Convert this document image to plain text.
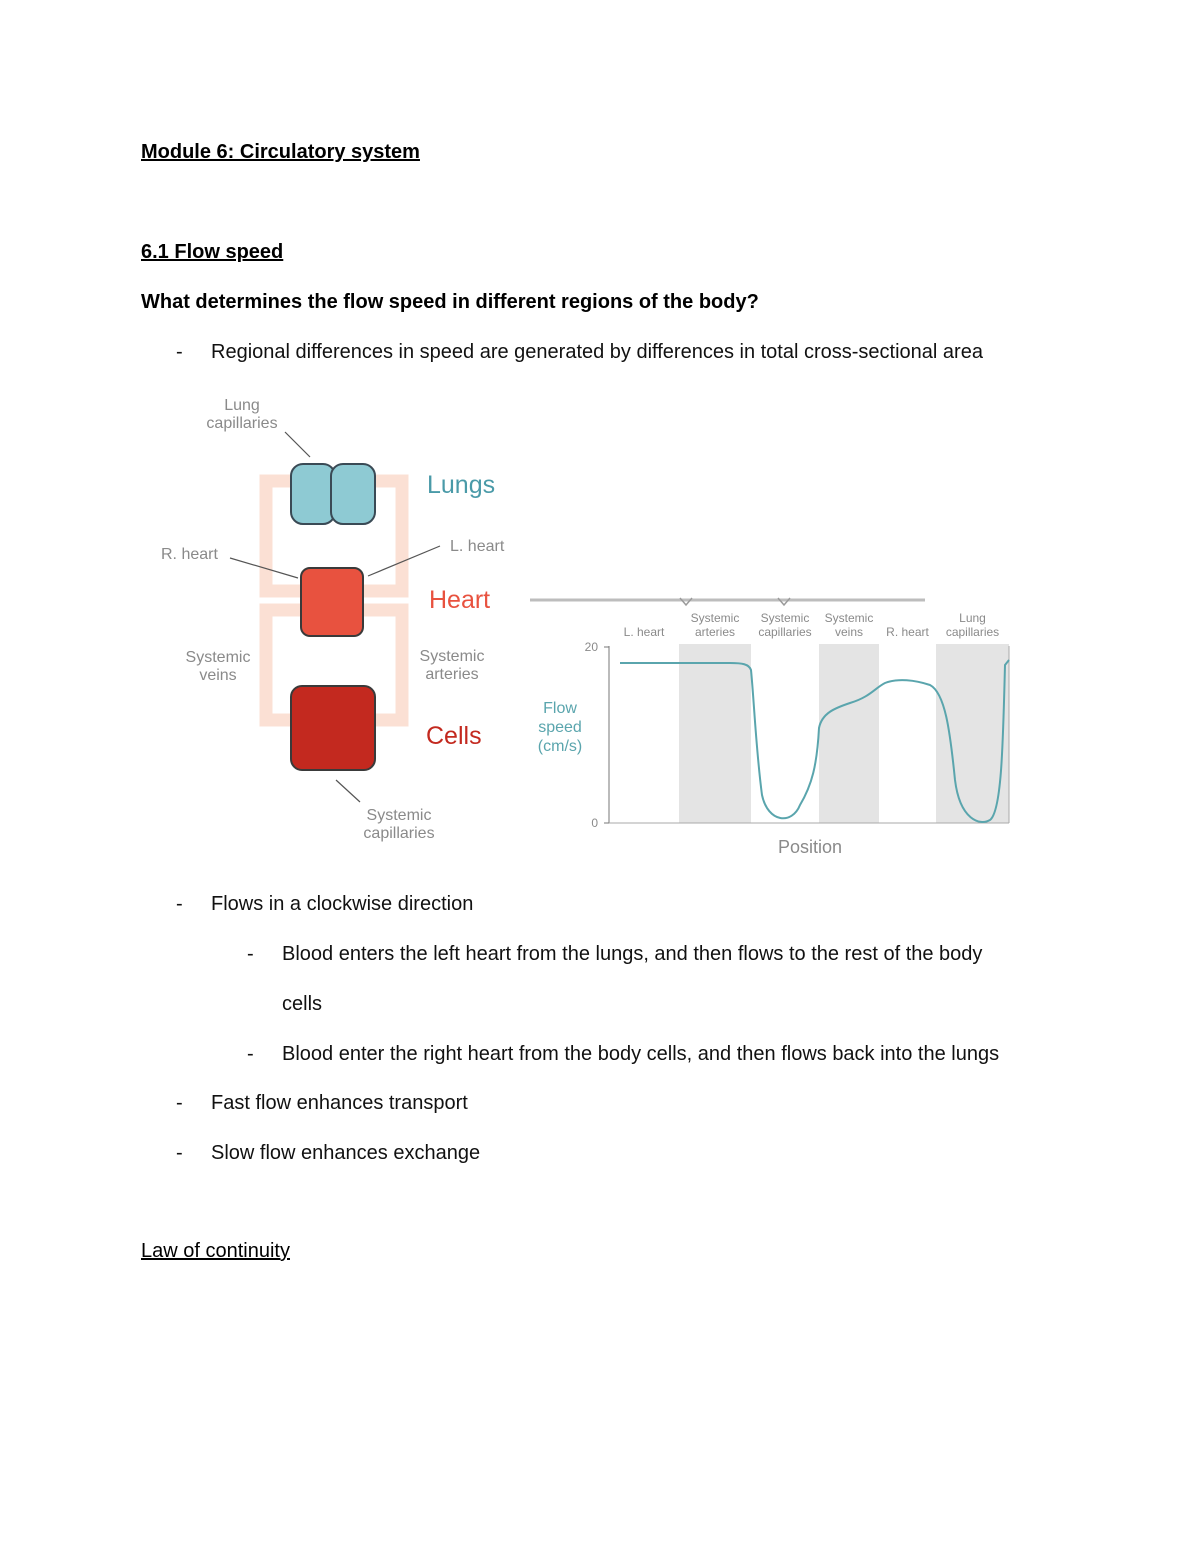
Module 6: Circulatory system
6.1 Flow speed
What determines the flow speed in different regions of the body?
- Regional differences in speed are generated by differences in total cross-sectional area
Lung
capillaries
R. heart	L. heart
Systemic
veins
Systemic
arteries
Systemic
capillaries
Lungs
Heart
Cells
L. heart
Systemic
arteries
Systemic
capillaries
Systemic
veins R. heart
Lung
capillaries
20
0
Flow
speed
(cm/s)
Position
- Flows in a clockwise direction
- Blood enters the left heart from the lungs, and then flows to the rest of the body
cells
- Blood enter the right heart from the body cells, and then flows back into the lungs
- Fast flow enhances transport
- Slow flow enhances exchange
Law of continuity
